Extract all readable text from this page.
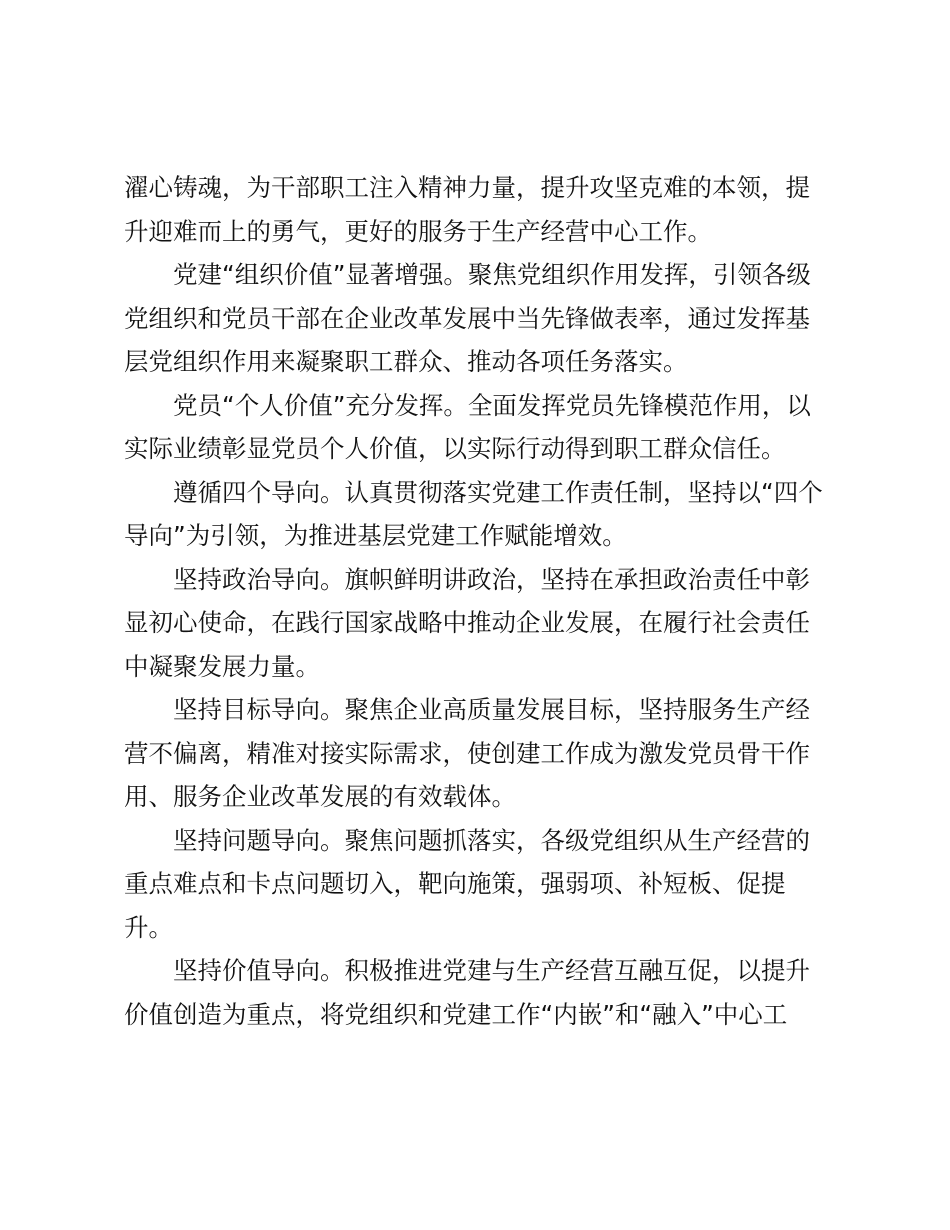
濯心铸魂，为干部职工注入精神力量，提升攻坚克难的本领，提
升迎难而上的勇气，更好的服务于生产经营中心工作。
党建“组织价值”显著增强。聚焦党组织作用发挥，引领各级
党组织和党员干部在企业改革发展中当先锋做表率，通过发挥基
层党组织作用来凝聚职工群众、推动各项任务落实。
党员“个人价值”充分发挥。全面发挥党员先锋模范作用，以
实际业绩彰显党员个人价值，以实际行动得到职工群众信任。
遵循四个导向。认真贯彻落实党建工作责任制，坚持以“四个
导向”为引领，为推进基层党建工作赋能增效。
坚持政治导向。旗帜鲜明讲政治，坚持在承担政治责任中彰
显初心使命，在践行国家战略中推动企业发展，在履行社会责任
中凝聚发展力量。
坚持目标导向。聚焦企业高质量发展目标，坚持服务生产经
营不偏离，精准对接实际需求，使创建工作成为激发党员骨干作
用、服务企业改革发展的有效载体。
坚持问题导向。聚焦问题抓落实，各级党组织从生产经营的
重点难点和卡点问题切入，靶向施策，强弱项、补短板、促提
升。
坚持价值导向。积极推进党建与生产经营互融互促，以提升
价值创造为重点，将党组织和党建工作“内嵌”和“融入”中心工
